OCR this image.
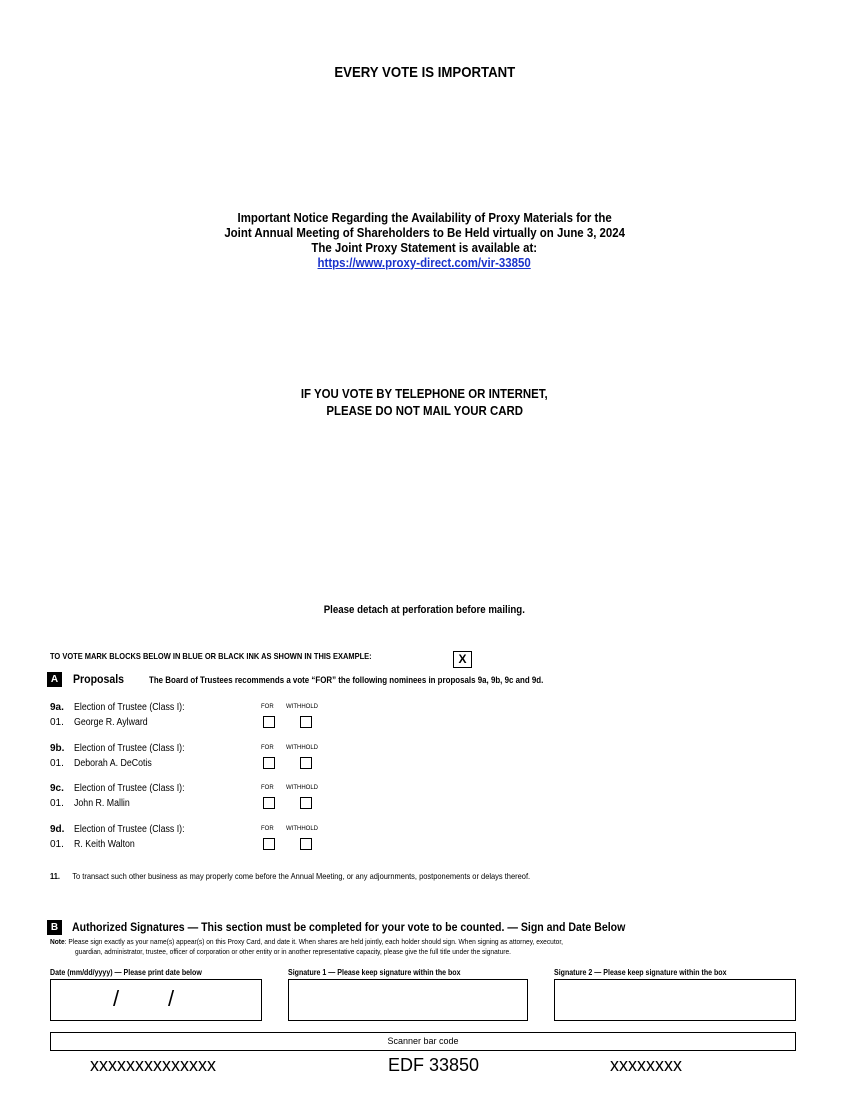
EVERY VOTE IS IMPORTANT
Important Notice Regarding the Availability of Proxy Materials for the
Joint Annual Meeting of Shareholders to Be Held virtually on June 3, 2024
The Joint Proxy Statement is available at:
https://www.proxy-direct.com/vir-33850
IF YOU VOTE BY TELEPHONE OR INTERNET,
PLEASE DO NOT MAIL YOUR CARD
Please detach at perforation before mailing.
TO VOTE MARK BLOCKS BELOW IN BLUE OR BLACK INK AS SHOWN IN THIS EXAMPLE:	X
A	Proposals	The Board of Trustees recommends a vote “FOR” the following nominees in proposals 9a, 9b, 9c and 9d.
9a. Election of Trustee (Class I):
01. George R. Aylward
FOR WITHHOLD
9b. Election of Trustee (Class I):
01. Deborah A. DeCotis
FOR WITHHOLD
9c. Election of Trustee (Class I):
01. John R. Mallin
FOR WITHHOLD
9d. Election of Trustee (Class I):
01. R. Keith Walton
FOR WITHHOLD
11. To transact such other business as may properly come before the Annual Meeting, or any adjournments, postponements or delays thereof.
B	Authorized Signatures — This section must be completed for your vote to be counted. — Sign and Date Below
Note: Please sign exactly as your name(s) appear(s) on this Proxy Card, and date it. When shares are held jointly, each holder should sign. When signing as attorney, executor,
guardian, administrator, trustee, officer of corporation or other entity or in another representative capacity, please give the full title under the signature.
Date (mm/dd/yyyy) — Please print date below	Signature 1 — Please keep signature within the box	Signature 2 — Please keep signature within the box
/ /
Scanner bar code
xxxxxxxxxxxxxx	EDF 33850	xxxxxxxx
